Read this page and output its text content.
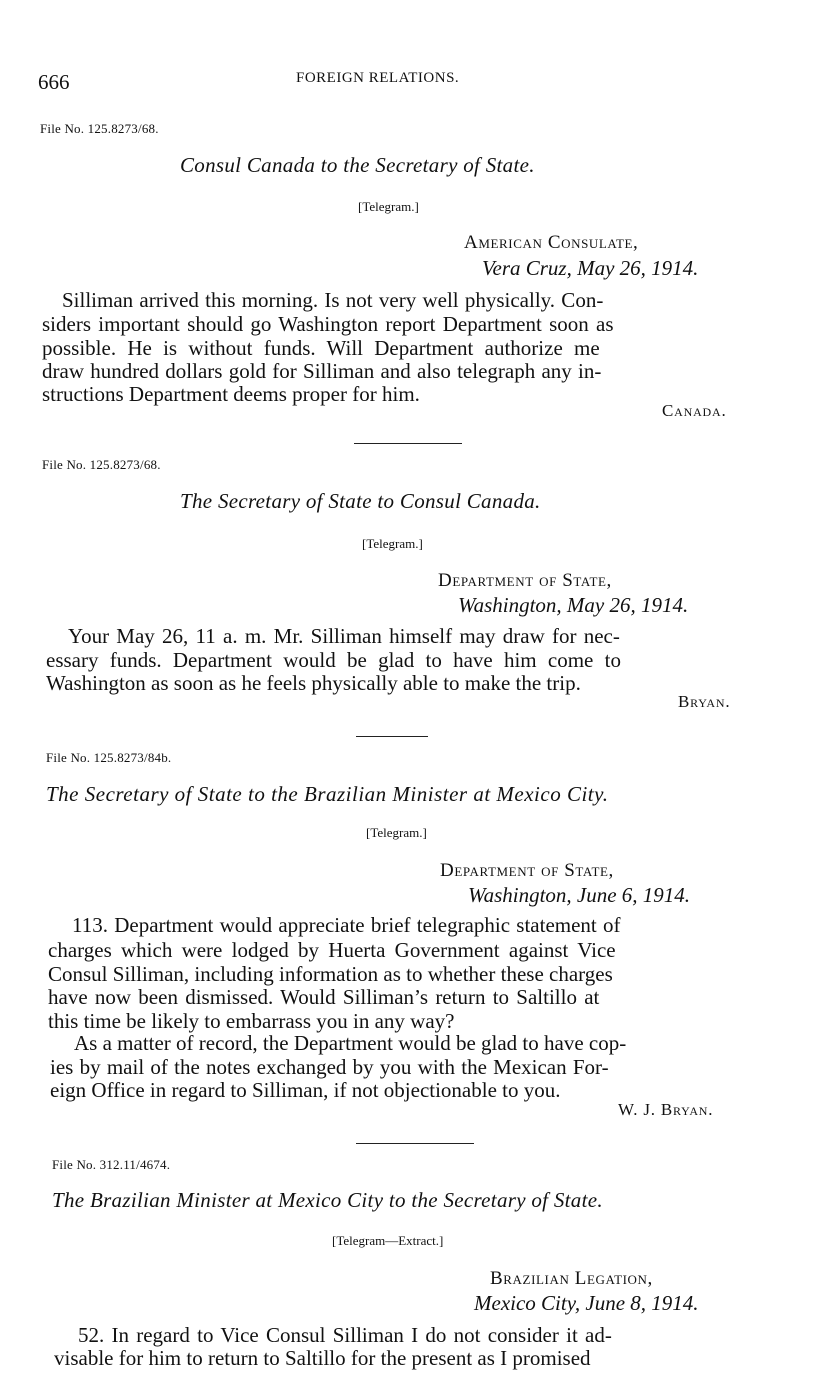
666	FOREIGN RELATIONS.
File No. 125.8273/68.
Consul Canada to the Secretary of State.
[Telegram.]
American Consulate,
Vera Cruz, May 26, 1914.
Silliman arrived this morning. Is not very well physically. Con-
siders important should go Washington report Department soon as
possible. He is without funds. Will Department authorize me
draw hundred dollars gold for Silliman and also telegraph any in-
structions Department deems proper for him.
Canada.
File No. 125.8273/68.
The Secretary of State to Consul Canada.
[Telegram.]
Department of State,
Washington, May 26, 1914.
Your May 26, 11 a. m. Mr. Silliman himself may draw for nec-
essary funds. Department would be glad to have him come to
Washington as soon as he feels physically able to make the trip.
Bryan.
File No. 125.8273/84b.
The Secretary of State to the Brazilian Minister at Mexico City.
[Telegram.]
Department of State,
Washington, June 6, 1914.
113. Department would appreciate brief telegraphic statement of
charges which were lodged by Huerta Government against Vice
Consul Silliman, including information as to whether these charges
have now been dismissed. Would Silliman’s return to Saltillo at
this time be likely to embarrass you in any way?
As a matter of record, the Department would be glad to have cop-
ies by mail of the notes exchanged by you with the Mexican For-
eign Office in regard to Silliman, if not objectionable to you.
W. J. Bryan.
File No. 312.11/4674.
The Brazilian Minister at Mexico City to the Secretary of State.
[Telegram—Extract.]
Brazilian Legation,
Mexico City, June 8, 1914.
52. In regard to Vice Consul Silliman I do not consider it ad-
visable for him to return to Saltillo for the present as I promised
